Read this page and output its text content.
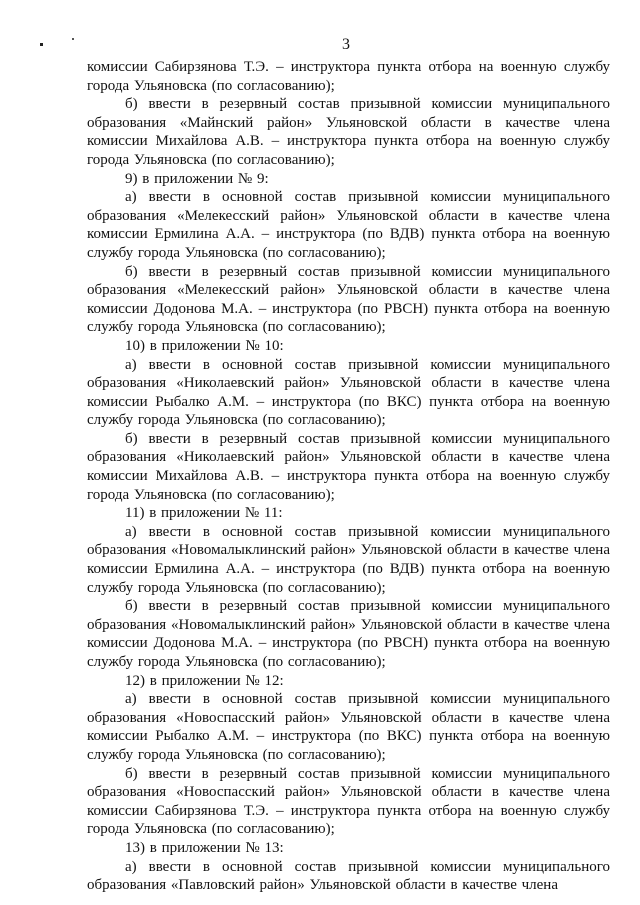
3

комиссии Сабирзянова Т.Э. – инструктора пункта отбора на военную службу города Ульяновска (по согласованию);

б) ввести в резервный состав призывной комиссии муниципального образования «Майнский район» Ульяновской области в качестве члена комиссии Михайлова А.В. – инструктора пункта отбора на военную службу города Ульяновска (по согласованию);

9) в приложении № 9:

а) ввести в основной состав призывной комиссии муниципального образования «Мелекесский район» Ульяновской области в качестве члена комиссии Ермилина А.А. – инструктора (по ВДВ) пункта отбора на военную службу города Ульяновска (по согласованию);

б) ввести в резервный состав призывной комиссии муниципального образования «Мелекесский район» Ульяновской области в качестве члена комиссии Додонова М.А. – инструктора (по РВСН) пункта отбора на военную службу города Ульяновска (по согласованию);

10) в приложении № 10:

а) ввести в основной состав призывной комиссии муниципального образования «Николаевский район» Ульяновской области в качестве члена комиссии Рыбалко А.М. – инструктора (по ВКС) пункта отбора на военную службу города Ульяновска (по согласованию);

б) ввести в резервный состав призывной комиссии муниципального образования «Николаевский район» Ульяновской области в качестве члена комиссии Михайлова А.В. – инструктора пункта отбора на военную службу города Ульяновска (по согласованию);

11) в приложении № 11:

а) ввести в основной состав призывной комиссии муниципального образования «Новомалыклинский район» Ульяновской области в качестве члена комиссии Ермилина А.А. – инструктора (по ВДВ) пункта отбора на военную службу города Ульяновска (по согласованию);

б) ввести в резервный состав призывной комиссии муниципального образования «Новомалыклинский район» Ульяновской области в качестве члена комиссии Додонова М.А. – инструктора (по РВСН) пункта отбора на военную службу города Ульяновска (по согласованию);

12) в приложении № 12:

а) ввести в основной состав призывной комиссии муниципального образования «Новоспасский район» Ульяновской области в качестве члена комиссии Рыбалко А.М. – инструктора (по ВКС) пункта отбора на военную службу города Ульяновска (по согласованию);

б) ввести в резервный состав призывной комиссии муниципального образования «Новоспасский район» Ульяновской области в качестве члена комиссии Сабирзянова Т.Э. – инструктора пункта отбора на военную службу города Ульяновска (по согласованию);

13) в приложении № 13:

а) ввести в основной состав призывной комиссии муниципального образования «Павловский район» Ульяновской области в качестве члена
